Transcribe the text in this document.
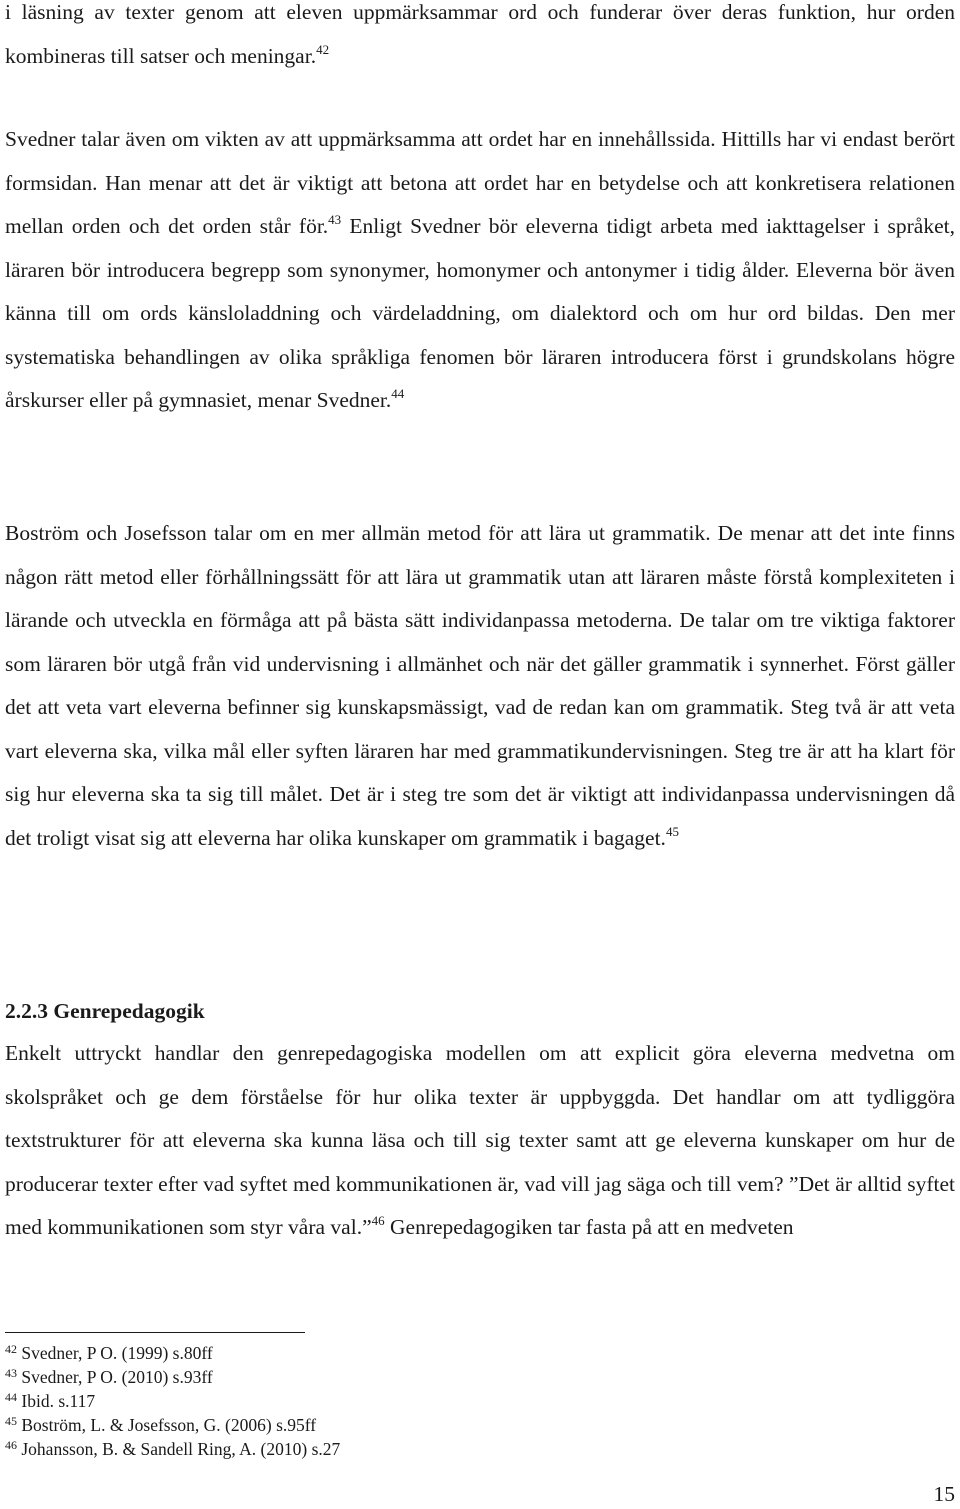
i läsning av texter genom att eleven uppmärksammar ord och funderar över deras funktion, hur orden kombineras till satser och meningar.$^{42}$

Svedner talar även om vikten av att uppmärksamma att ordet har en innehållssida. Hittills har vi endast berört formsidan. Han menar att det är viktigt att betona att ordet har en betydelse och att konkretisera relationen mellan orden och det orden står för.$^{43}$ Enligt Svedner bör eleverna tidigt arbeta med iakttagelser i språket, läraren bör introducera begrepp som synonymer, homonymer och antonymer i tidig ålder. Eleverna bör även känna till om ords känsloladdning och värdeladdning, om dialektord och om hur ord bildas. Den mer systematiska behandlingen av olika språkliga fenomen bör läraren introducera först i grundskolans högre årskurser eller på gymnasiet, menar Svedner.$^{44}$

Boström och Josefsson talar om en mer allmän metod för att lära ut grammatik. De menar att det inte finns någon rätt metod eller förhållningssätt för att lära ut grammatik utan att läraren måste förstå komplexiteten i lärande och utveckla en förmåga att på bästa sätt individanpassa metoderna. De talar om tre viktiga faktorer som läraren bör utgå från vid undervisning i allmänhet och när det gäller grammatik i synnerhet. Först gäller det att veta vart eleverna befinner sig kunskapsmässigt, vad de redan kan om grammatik. Steg två är att veta vart eleverna ska, vilka mål eller syften läraren har med grammatikundervisningen. Steg tre är att ha klart för sig hur eleverna ska ta sig till målet. Det är i steg tre som det är viktigt att individanpassa undervisningen då det troligt visat sig att eleverna har olika kunskaper om grammatik i bagaget.$^{45}$

2.2.3 Genrepedagogik

Enkelt uttryckt handlar den genrepedagogiska modellen om att explicit göra eleverna medvetna om skolspråket och ge dem förståelse för hur olika texter är uppbyggda. Det handlar om att tydliggöra textstrukturer för att eleverna ska kunna läsa och till sig texter samt att ge eleverna kunskaper om hur de producerar texter efter vad syftet med kommunikationen är, vad vill jag säga och till vem? ”Det är alltid syftet med kommunikationen som styr våra val.”$^{46}$ Genrepedagogiken tar fasta på att en medveten

$^{42}$ Svedner, P O. (1999) s.80ff
$^{43}$ Svedner, P O. (2010) s.93ff
$^{44}$ Ibid. s.117
$^{45}$ Boström, L. & Josefsson, G. (2006) s.95ff
$^{46}$ Johansson, B. & Sandell Ring, A. (2010) s.27
15
